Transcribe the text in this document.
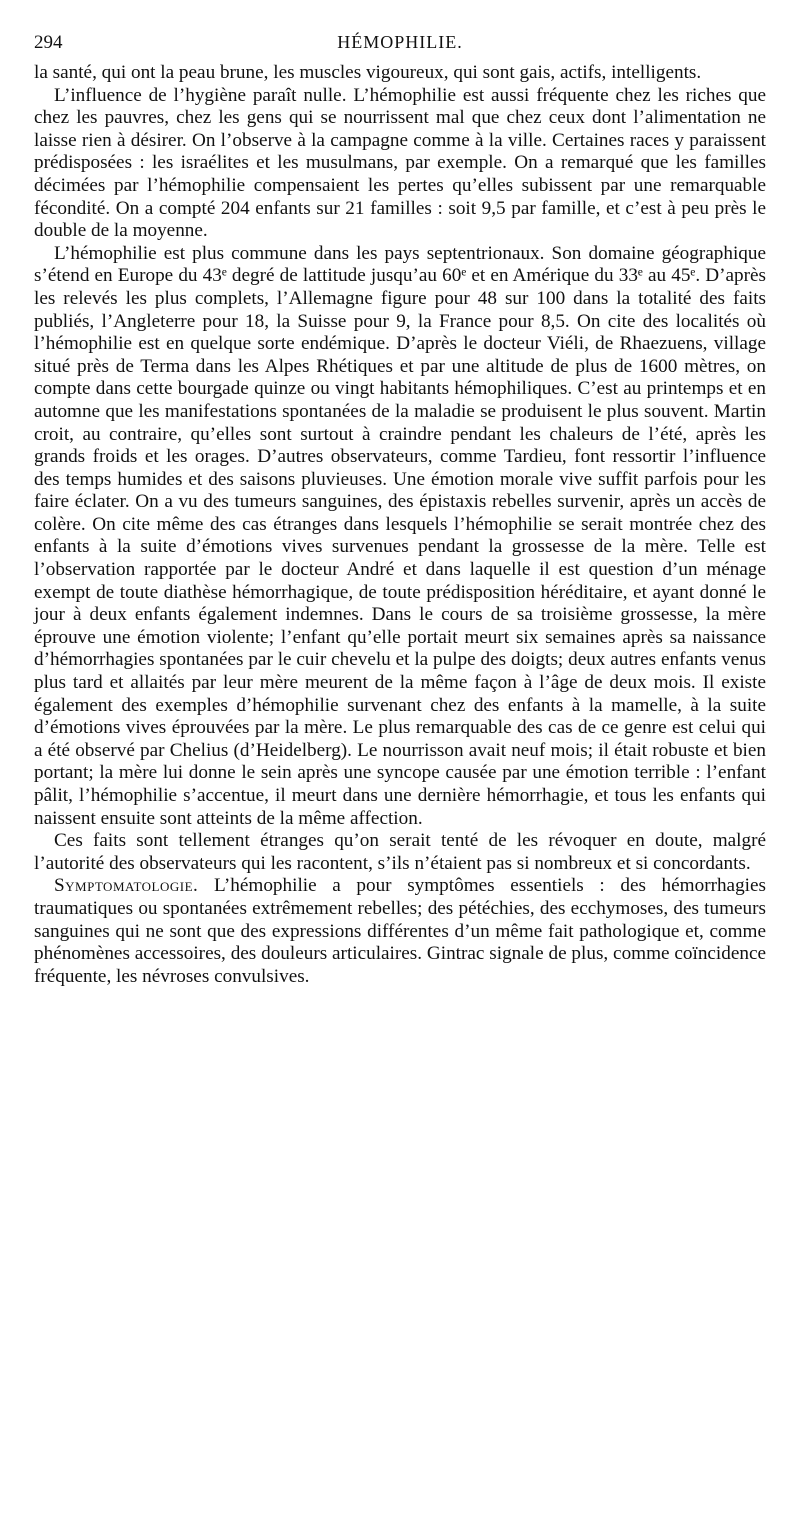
294	HÉMOPHILIE.

la santé, qui ont la peau brune, les muscles vigoureux, qui sont gais, actifs, intelligents.

L’influence de l’hygiène paraît nulle. L’hémophilie est aussi fréquente chez les riches que chez les pauvres, chez les gens qui se nourrissent mal que chez ceux dont l’alimentation ne laisse rien à désirer. On l’observe à la campagne comme à la ville. Certaines races y paraissent prédisposées : les israélites et les musulmans, par exemple. On a remarqué que les familles décimées par l’hémophilie compensaient les pertes qu’elles subissent par une remarquable fécondité. On a compté 204 enfants sur 21 familles : soit 9,5 par famille, et c’est à peu près le double de la moyenne.

L’hémophilie est plus commune dans les pays septentrionaux. Son domaine géographique s’étend en Europe du 43ᵉ degré de lattitude jusqu’au 60ᵉ et en Amérique du 33ᵉ au 45ᵉ. D’après les relevés les plus complets, l’Allemagne figure pour 48 sur 100 dans la totalité des faits publiés, l’Angleterre pour 18, la Suisse pour 9, la France pour 8,5. On cite des localités où l’hémophilie est en quelque sorte endémique. D’après le docteur Viéli, de Rhaezuens, village situé près de Terma dans les Alpes Rhétiques et par une altitude de plus de 1600 mètres, on compte dans cette bourgade quinze ou vingt habitants hémophiliques. C’est au printemps et en automne que les manifestations spontanées de la maladie se produisent le plus souvent. Martin croit, au contraire, qu’elles sont surtout à craindre pendant les chaleurs de l’été, après les grands froids et les orages. D’autres observateurs, comme Tardieu, font ressortir l’influence des temps humides et des saisons pluvieuses. Une émotion morale vive suffit parfois pour les faire éclater. On a vu des tumeurs sanguines, des épistaxis rebelles survenir, après un accès de colère. On cite même des cas étranges dans lesquels l’hémophilie se serait montrée chez des enfants à la suite d’émotions vives survenues pendant la grossesse de la mère. Telle est l’observation rapportée par le docteur André et dans laquelle il est question d’un ménage exempt de toute diathèse hémorrhagique, de toute prédisposition héréditaire, et ayant donné le jour à deux enfants également indemnes. Dans le cours de sa troisième grossesse, la mère éprouve une émotion violente; l’enfant qu’elle portait meurt six semaines après sa naissance d’hémorrhagies spontanées par le cuir chevelu et la pulpe des doigts; deux autres enfants venus plus tard et allaités par leur mère meurent de la même façon à l’âge de deux mois. Il existe également des exemples d’hémophilie survenant chez des enfants à la mamelle, à la suite d’émotions vives éprouvées par la mère. Le plus remarquable des cas de ce genre est celui qui a été observé par Chelius (d’Heidelberg). Le nourrisson avait neuf mois; il était robuste et bien portant; la mère lui donne le sein après une syncope causée par une émotion terrible : l’enfant pâlit, l’hémophilie s’accentue, il meurt dans une dernière hémorrhagie, et tous les enfants qui naissent ensuite sont atteints de la même affection.

Ces faits sont tellement étranges qu’on serait tenté de les révoquer en doute, malgré l’autorité des observateurs qui les racontent, s’ils n’étaient pas si nombreux et si concordants.

Symptomatologie. L’hémophilie a pour symptômes essentiels : des hémorrhagies traumatiques ou spontanées extrêmement rebelles; des pétéchies, des ecchymoses, des tumeurs sanguines qui ne sont que des expressions différentes d’un même fait pathologique et, comme phénomènes accessoires, des douleurs articulaires. Gintrac signale de plus, comme coïncidence fréquente, les névroses convulsives.
